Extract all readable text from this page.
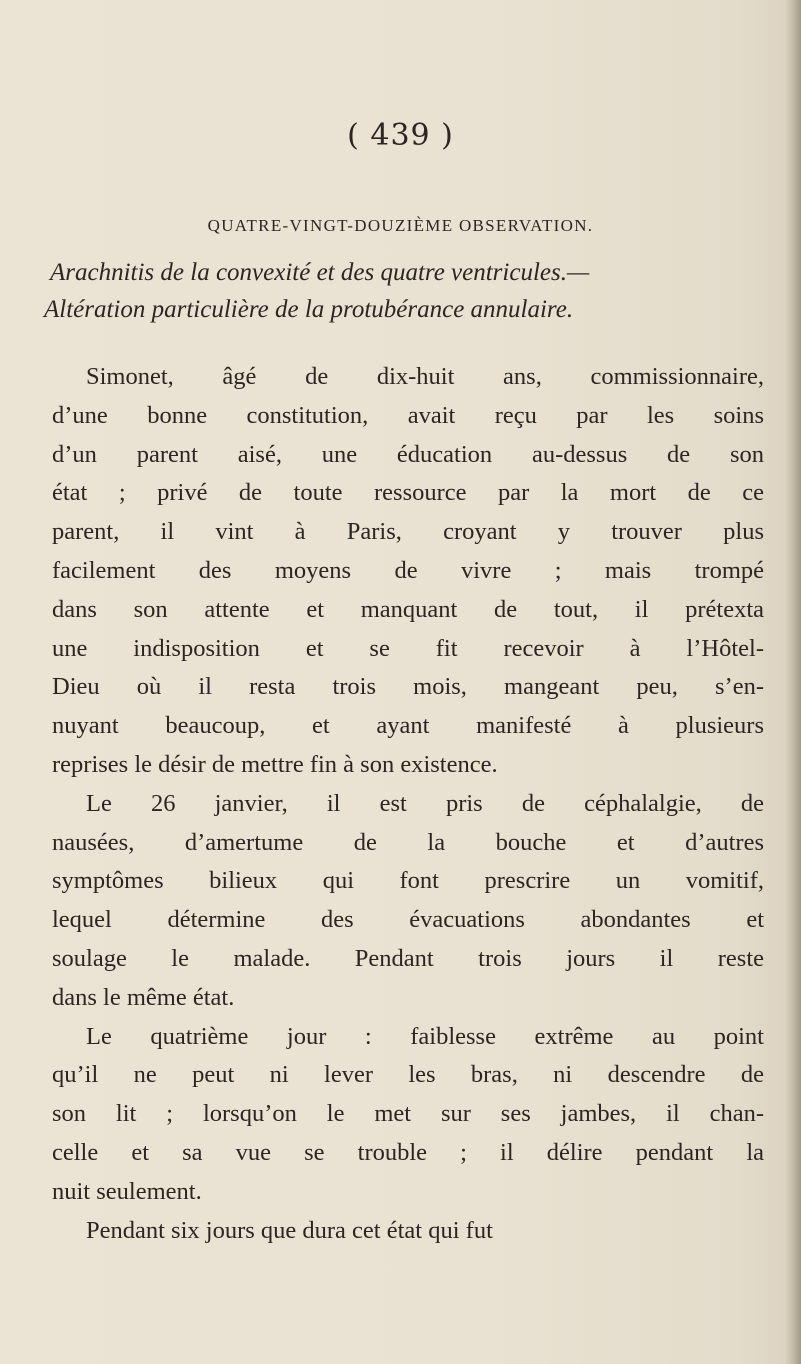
( 439 )
QUATRE-VINGT-DOUZIÈME OBSERVATION.
Arachnitis de la convexité et des quatre ventricules.—
Altération particulière de la protubérance annulaire.
Simonet, âgé de dix-huit ans, commissionnaire,
d’une bonne constitution, avait reçu par les soins
d’un parent aisé, une éducation au-dessus de son
état ; privé de toute ressource par la mort de ce
parent, il vint à Paris, croyant y trouver plus
facilement des moyens de vivre ; mais trompé
dans son attente et manquant de tout, il prétexta
une indisposition et se fit recevoir à l’Hôtel-
Dieu où il resta trois mois, mangeant peu, s’en-
nuyant beaucoup, et ayant manifesté à plusieurs
reprises le désir de mettre fin à son existence.
Le 26 janvier, il est pris de céphalalgie, de
nausées, d’amertume de la bouche et d’autres
symptômes bilieux qui font prescrire un vomitif,
lequel détermine des évacuations abondantes et
soulage le malade. Pendant trois jours il reste
dans le même état.
Le quatrième jour : faiblesse extrême au point
qu’il ne peut ni lever les bras, ni descendre de
son lit ; lorsqu’on le met sur ses jambes, il chan-
celle et sa vue se trouble ; il délire pendant la
nuit seulement.
Pendant six jours que dura cet état qui fut
